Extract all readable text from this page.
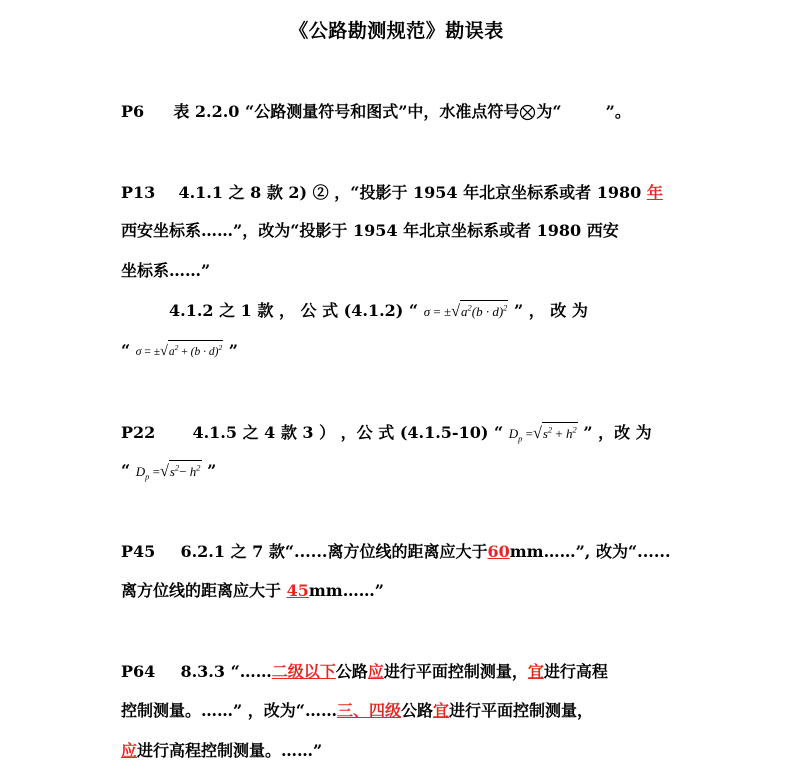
《公路勘测规范》勘误表
P6 表 2.2.0 “公路测量符号和图式”中，水准点符号 为“	”。
P13 4.1.1 之 8 款 2) ② ，“投影于 1954 年北京坐标系或者 1980 年
西安坐标系……”，改为“投影于 1954 年北京坐标系或者 1980 西安
坐标系……”
4.1.2 之 1 款 ， 公 式 (4.1.2) “ $\sigma = \pm√a^2(b \cdot d)^2$ ” ， 改 为
“ $\sigma = \pm√a^2 + (b \cdot d)^2$ ”
P22 4.1.5 之 4 款 3 ） ，公 式 (4.1.5-10) “ $D_p =√s^2 + h^2$ ” ，改 为
“ $D_p =√s^2- h^2$ ”
P45 6.2.1 之 7 款“......离方位线的距离应大于60mm……”, 改为“......
离方位线的距离应大于 45mm……”
P64 8.3.3 “……二级以下公路应进行平面控制测量，宜进行高程
控制测量。……” ，改为“……三、四级公路宜进行平面控制测量，
应进行高程控制测量。……”
